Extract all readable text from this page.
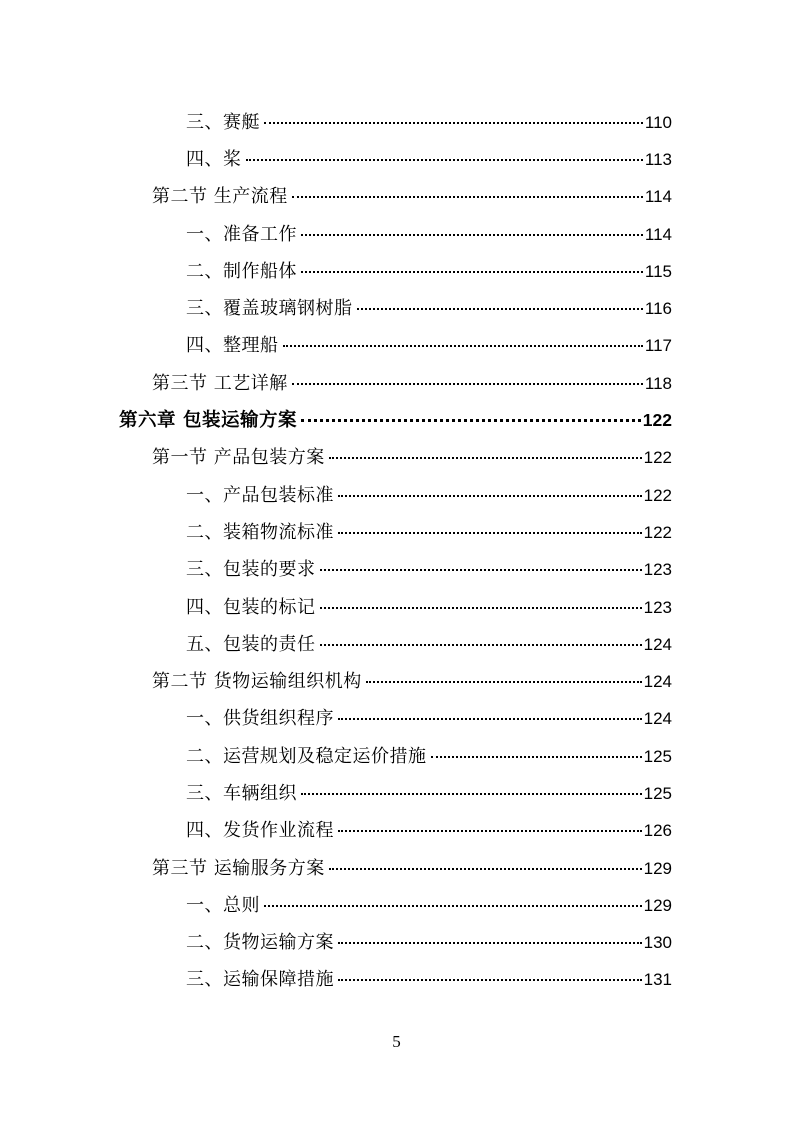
三、赛艇	110
四、桨	113
第二节 生产流程	114
一、准备工作	114
二、制作船体	115
三、覆盖玻璃钢树脂	116
四、整理船	117
第三节 工艺详解	118
第六章 包装运输方案	122
第一节 产品包装方案	122
一、产品包装标准	122
二、装箱物流标准	122
三、包装的要求	123
四、包装的标记	123
五、包装的责任	124
第二节 货物运输组织机构	124
一、供货组织程序	124
二、运营规划及稳定运价措施	125
三、车辆组织	125
四、发货作业流程	126
第三节 运输服务方案	129
一、总则	129
二、货物运输方案	130
三、运输保障措施	131
5
